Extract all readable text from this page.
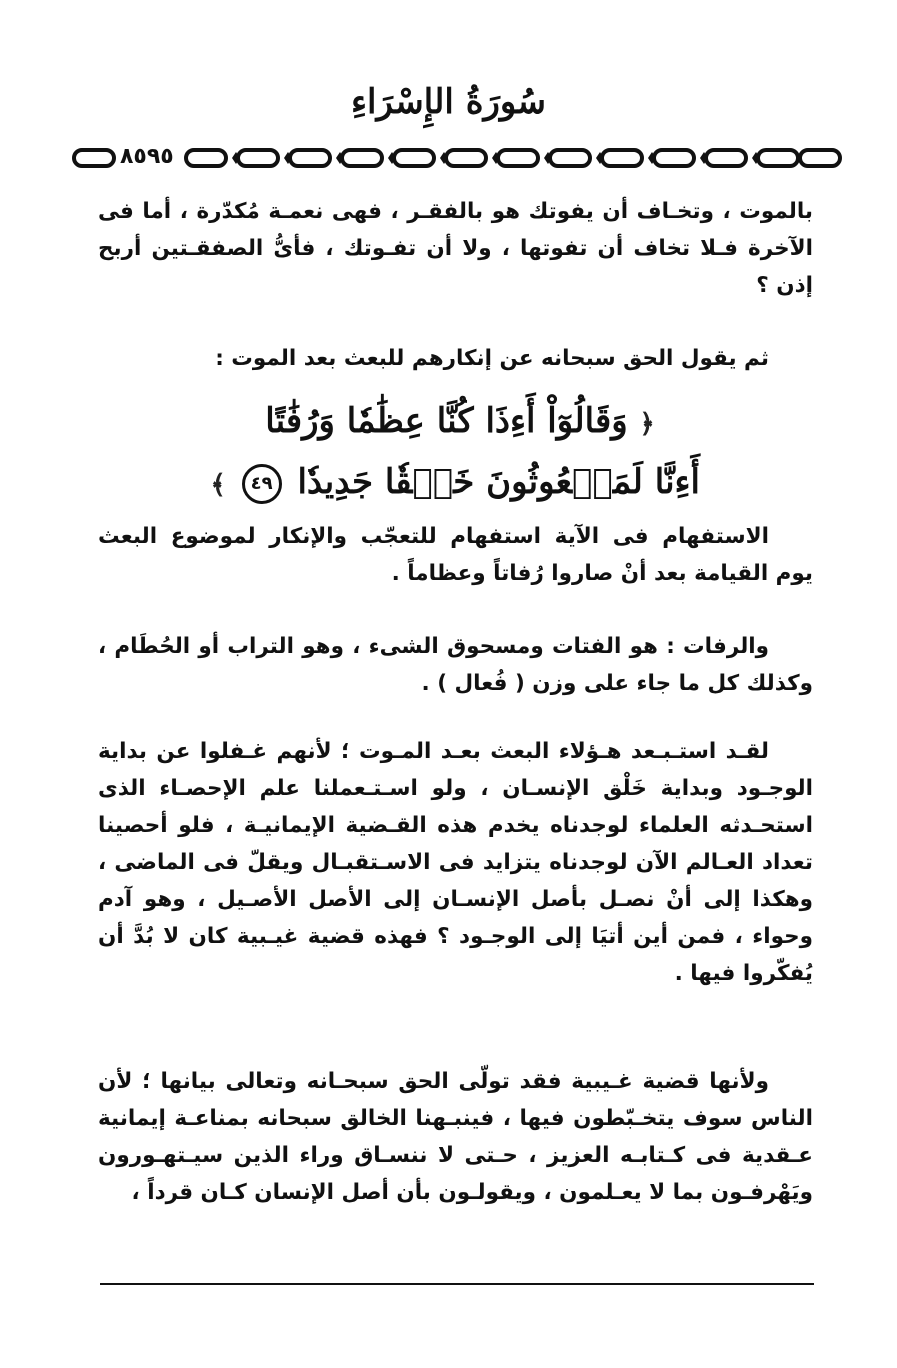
سُورَةُ الإِسْرَاءِ
٨٥٩٥

بالموت ، وتخـاف أن يفوتك هو بالفقـر ، فهى نعمـة مُكدّرة ، أما فى الآخرة فـلا تخاف أن تفوتها ، ولا أن تفـوتك ، فأىُّ الصفقـتين أربح إذن ؟

ثم يقول الحق سبحانه عن إنكارهم للبعث بعد الموت :

﴿ وَقَالُوٓاْ أَءِذَا كُنَّا عِظَٰمٗا وَرُفَٰتًا
أَءِنَّا لَمَبۡعُوثُونَ خَلۡقٗا جَدِيدٗا ٤٩ ﴾

الاستفهام فى الآية استفهام للتعجّب والإنكار لموضوع البعث يوم القيامة بعد أنْ صاروا رُفاتاً وعظاماً .

والرفات : هو الفتات ومسحوق الشىء ، وهو التراب أو الحُطَام ، وكذلك كل ما جاء على وزن ( فُعال ) .

لقـد استـبـعد هـؤلاء البعث بعـد المـوت ؛ لأنهم غـفلوا عن بداية الوجـود وبداية خَلْق الإنسـان ، ولو اسـتـعملنا علم الإحصـاء الذى استحـدثه العلماء لوجدناه يخدم هذه القـضية الإيمانيـة ، فلو أحصينا تعداد العـالم الآن لوجدناه يتزايد فى الاسـتقبـال ويقلّ فى الماضى ، وهكذا إلى أنْ نصـل بأصل الإنسـان إلى الأصل الأصـيل ، وهو آدم وحواء ، فمن أين أتيَا إلى الوجـود ؟ فهذه قضية غيـبية كان لا بُدَّ أن يُفكّروا فيها .

ولأنها قضية غـيبية فقد تولّى الحق سبحـانه وتعالى بيانها ؛ لأن الناس سوف يتخـبّطون فيها ، فينبـهنا الخالق سبحانه بمناعـة إيمانية عـقدية فى كـتابـه العزيز ، حـتى لا ننسـاق وراء الذين سيـتهـورون ويَهْرفـون بما لا يعـلمون ، ويقولـون بأن أصل الإنسان كـان قرداً ،
